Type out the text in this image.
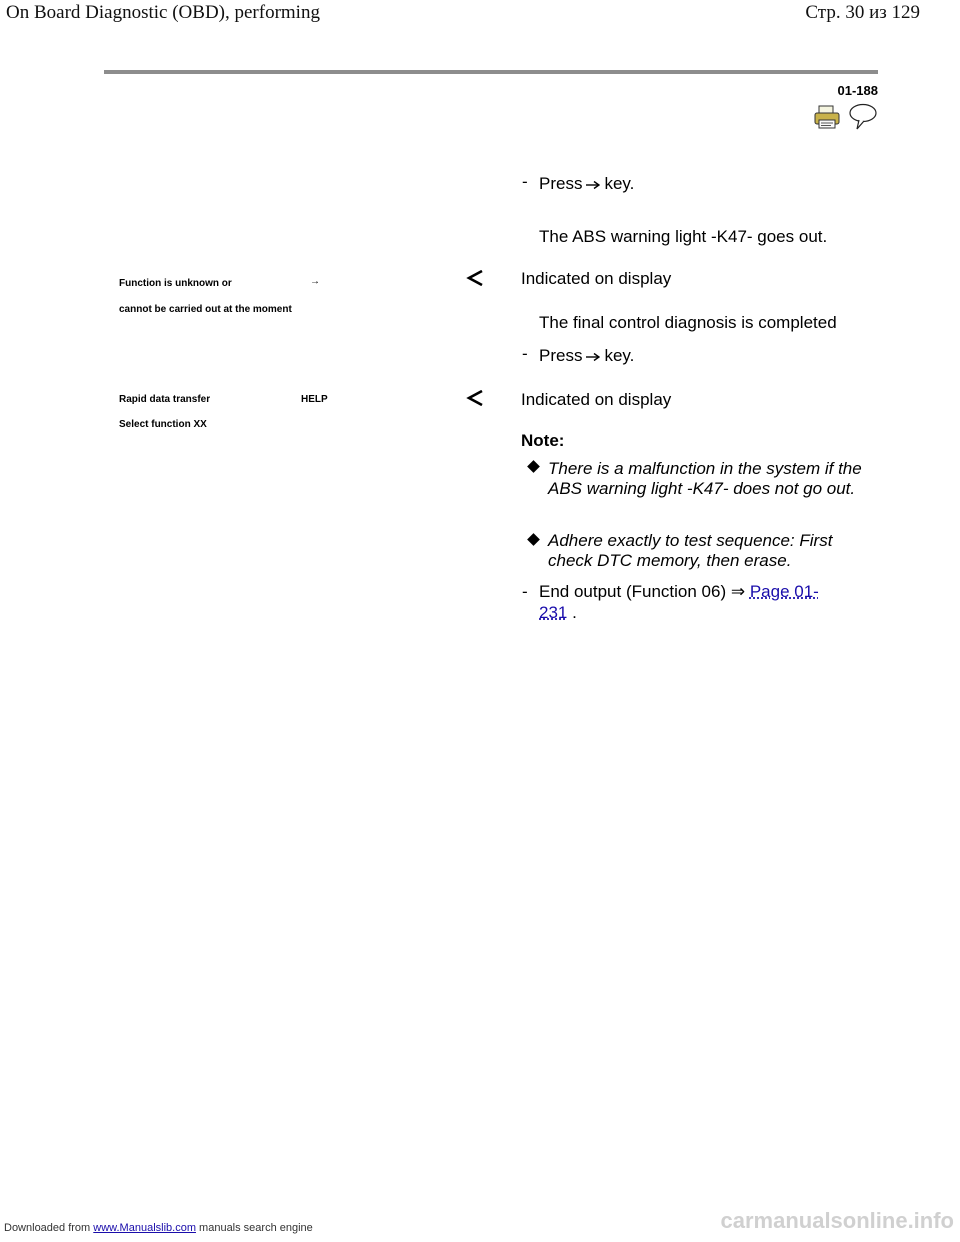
On Board Diagnostic (OBD), performing	Стр. 30 из 129
01-188
- Press key.
The ABS warning light -K47- goes out.
Function is unknown or	→
cannot be carried out at the moment
Indicated on display
The final control diagnosis is completed
- Press key.
Rapid data transfer	HELP
Select function XX
Indicated on display
Note:
There is a malfunction in the system if the ABS warning light -K47- does not go out.
Adhere exactly to test sequence: First check DTC memory, then erase.
- End output (Function 06) ⇒ Page 01-
231 .
Downloaded from www.Manualslib.com manuals search engine	carmanualsonline.info
